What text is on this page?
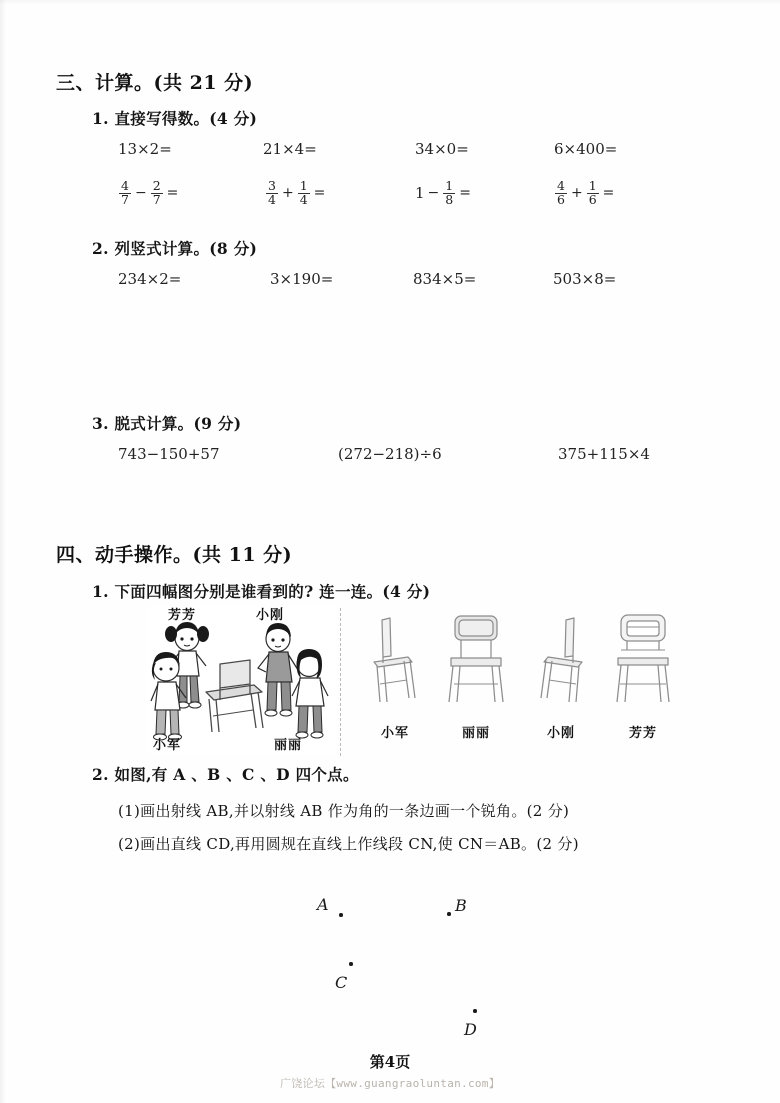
三、计算。(共 21 分)
1. 直接写得数。(4 分)
13×2=	21×4=	34×0=	6×400=
$\frac{4}{7} - \frac{2}{7}$ =	$\frac{3}{4} + \frac{1}{4}$ =	$1 - \frac{1}{8}$ =	$\frac{4}{6} + \frac{1}{6}$ =
2. 列竖式计算。(8 分)
234×2=	3×190=	834×5=	503×8=
3. 脱式计算。(9 分)
743−150+57	(272−218)÷6	375+115×4
四、动手操作。(共 11 分)
1. 下面四幅图分别是谁看到的? 连一连。(4 分)
芳芳	小刚
小军	丽丽
小军	丽丽	小刚	芳芳
2. 如图,有 A 、B 、C 、D 四个点。
(1)画出射线 AB,并以射线 AB 作为角的一条边画一个锐角。(2 分)
(2)画出直线 CD,再用圆规在直线上作线段 CN,使 CN＝AB。(2 分)
A	B
C
D
第4页
广饶论坛【www.guangraoluntan.com】
